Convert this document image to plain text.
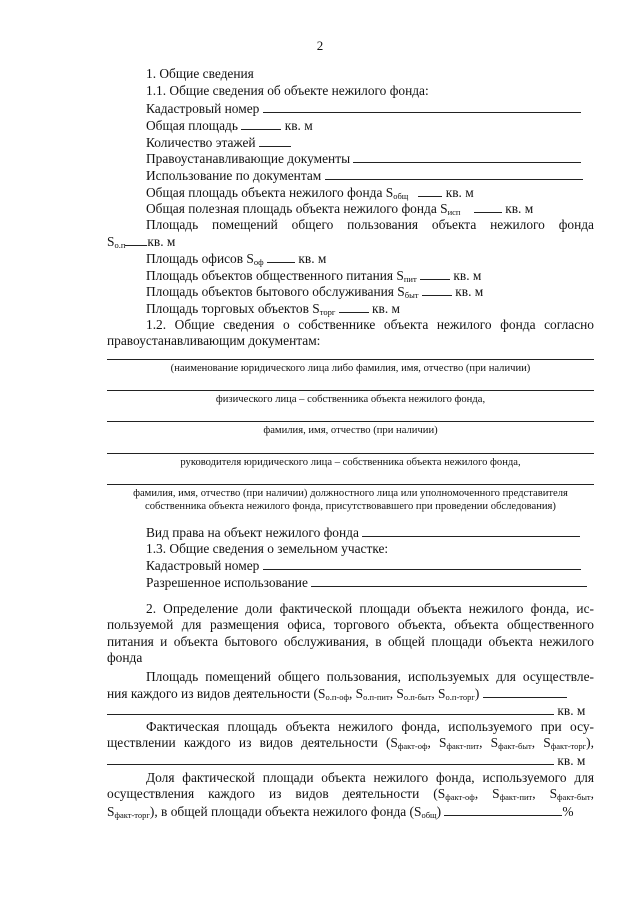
2
1. Общие сведения
1.1. Общие сведения об объекте нежилого фонда:
Кадастровый номер
Общая площадь	кв. м
Количество этажей
Правоустанавливающие документы
Использование по документам
Общая площадь объекта нежилого фонда $S_{общ}$	кв. м
Общая полезная площадь объекта нежилого фонда $S_{исп}$	кв. м
Площадь помещений общего пользования объекта нежилого фонда
$S_{о.п}$ кв. м
Площадь офисов $S_{оф}$	кв. м
Площадь объектов общественного питания $S_{пит}$	кв. м
Площадь объектов бытового обслуживания $S_{быт}$	кв. м
Площадь торговых объектов $S_{торг}$	кв. м
1.2. Общие сведения о собственнике объекта нежилого фонда согласно
правоустанавливающим документам:
(наименование юридического лица либо фамилия, имя, отчество (при наличии)
физического лица – собственника объекта нежилого фонда,
фамилия, имя, отчество (при наличии)
руководителя юридического лица – собственника объекта нежилого фонда,
фамилия, имя, отчество (при наличии) должностного лица или уполномоченного представителя
собственника объекта нежилого фонда, присутствовавшего при проведении обследования)
Вид права на объект нежилого фонда
1.3. Общие сведения о земельном участке:
Кадастровый номер
Разрешенное использование
2. Определение доли фактической площади объекта нежилого фонда, ис-
пользуемой для размещения офиса, торгового объекта, объекта общественного
питания и объекта бытового обслуживания, в общей площади объекта нежилого
фонда
Площадь помещений общего пользования, используемых для осуществле-
ния каждого из видов деятельности ($S_{о.п-оф}$, $S_{о.п-пит}$, $S_{о.п-быт}$, $S_{о.п-торг}$)
кв. м
Фактическая площадь объекта нежилого фонда, используемого при осу-
ществлении каждого из видов деятельности ($S_{факт-оф}$, $S_{факт-пит}$, $S_{факт-быт}$, $S_{факт-торг}$),
кв. м
Доля фактической площади объекта нежилого фонда, используемого для
осуществления каждого из видов деятельности ($S_{факт-оф}$, $S_{факт-пит}$, $S_{факт-быт}$,
$S_{факт-торг}$), в общей площади объекта нежилого фонда $(S_{общ})$	%
